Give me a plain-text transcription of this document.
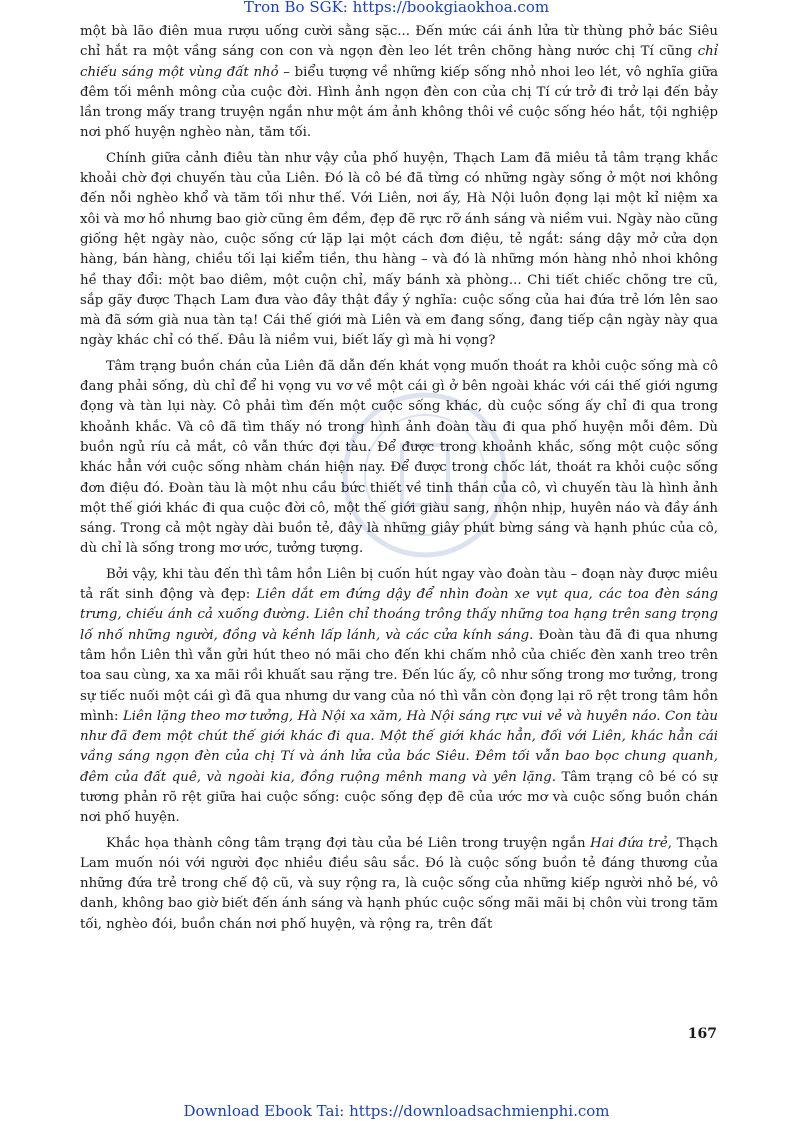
Tron Bo SGK: https://bookgiaokhoa.com

một bà lão điên mua rượu uống cười sằng sặc... Đến mức cái ánh lửa từ thùng phở bác Siêu chỉ hắt ra một vầng sáng con con và ngọn đèn leo lét trên chõng hàng nước chị Tí cũng chỉ chiếu sáng một vùng đất nhỏ – biểu tượng về những kiếp sống nhỏ nhoi leo lét, vô nghĩa giữa đêm tối mênh mông của cuộc đời. Hình ảnh ngọn đèn con của chị Tí cứ trở đi trở lại đến bảy lần trong mấy trang truyện ngắn như một ám ảnh không thôi về cuộc sống héo hắt, tội nghiệp nơi phố huyện nghèo nàn, tăm tối.

Chính giữa cảnh điêu tàn như vậy của phố huyện, Thạch Lam đã miêu tả tâm trạng khắc khoải chờ đợi chuyến tàu của Liên. Đó là cô bé đã từng có những ngày sống ở một nơi không đến nỗi nghèo khổ và tăm tối như thế. Với Liên, nơi ấy, Hà Nội luôn đọng lại một kỉ niệm xa xôi và mơ hồ nhưng bao giờ cũng êm đềm, đẹp đẽ rực rỡ ánh sáng và niềm vui. Ngày nào cũng giống hệt ngày nào, cuộc sống cứ lặp lại một cách đơn điệu, tẻ ngắt: sáng dậy mở cửa dọn hàng, bán hàng, chiều tối lại kiểm tiền, thu hàng – và đó là những món hàng nhỏ nhoi không hề thay đổi: một bao diêm, một cuộn chỉ, mấy bánh xà phòng... Chi tiết chiếc chõng tre cũ, sắp gãy được Thạch Lam đưa vào đây thật đầy ý nghĩa: cuộc sống của hai đứa trẻ lớn lên sao mà đã sớm già nua tàn tạ! Cái thế giới mà Liên và em đang sống, đang tiếp cận ngày này qua ngày khác chỉ có thế. Đâu là niềm vui, biết lấy gì mà hi vọng?

Tâm trạng buồn chán của Liên đã dẫn đến khát vọng muốn thoát ra khỏi cuộc sống mà cô đang phải sống, dù chỉ để hi vọng vu vơ về một cái gì ở bên ngoài khác với cái thế giới ngưng đọng và tàn lụi này. Cô phải tìm đến một cuộc sống khác, dù cuộc sống ấy chỉ đi qua trong khoảnh khắc. Và cô đã tìm thấy nó trong hình ảnh đoàn tàu đi qua phố huyện mỗi đêm. Dù buồn ngủ ríu cả mắt, cô vẫn thức đợi tàu. Để được trong khoảnh khắc, sống một cuộc sống khác hẳn với cuộc sống nhàm chán hiện nay. Để được trong chốc lát, thoát ra khỏi cuộc sống đơn điệu đó. Đoàn tàu là một nhu cầu bức thiết về tinh thần của cô, vì chuyến tàu là hình ảnh một thế giới khác đi qua cuộc đời cô, một thế giới giàu sang, nhộn nhịp, huyên náo và đầy ánh sáng. Trong cả một ngày dài buồn tẻ, đây là những giây phút bừng sáng và hạnh phúc của cô, dù chỉ là sống trong mơ ước, tưởng tượng.

Bởi vậy, khi tàu đến thì tâm hồn Liên bị cuốn hút ngay vào đoàn tàu – đoạn này được miêu tả rất sinh động và đẹp: Liên dắt em đứng dậy để nhìn đoàn xe vụt qua, các toa đèn sáng trưng, chiếu ánh cả xuống đường. Liên chỉ thoáng trông thấy những toa hạng trên sang trọng lố nhố những người, đồng và kềnh lấp lánh, và các cửa kính sáng. Đoàn tàu đã đi qua nhưng tâm hồn Liên thì vẫn gửi hút theo nó mãi cho đến khi chấm nhỏ của chiếc đèn xanh treo trên toa sau cùng, xa xa mãi rồi khuất sau rặng tre. Đến lúc ấy, cô như sống trong mơ tưởng, trong sự tiếc nuối một cái gì đã qua nhưng dư vang của nó thì vẫn còn đọng lại rõ rệt trong tâm hồn mình: Liên lặng theo mơ tưởng, Hà Nội xa xăm, Hà Nội sáng rực vui vẻ và huyên náo. Con tàu như đã đem một chút thế giới khác đi qua. Một thế giới khác hẳn, đối với Liên, khác hẳn cái vầng sáng ngọn đèn của chị Tí và ánh lửa của bác Siêu. Đêm tối vẫn bao bọc chung quanh, đêm của đất quê, và ngoài kia, đồng ruộng mênh mang và yên lặng. Tâm trạng cô bé có sự tương phản rõ rệt giữa hai cuộc sống: cuộc sống đẹp đẽ của ước mơ và cuộc sống buồn chán nơi phố huyện.

Khắc họa thành công tâm trạng đợi tàu của bé Liên trong truyện ngắn Hai đứa trẻ, Thạch Lam muốn nói với người đọc nhiều điều sâu sắc. Đó là cuộc sống buồn tẻ đáng thương của những đứa trẻ trong chế độ cũ, và suy rộng ra, là cuộc sống của những kiếp người nhỏ bé, vô danh, không bao giờ biết đến ánh sáng và hạnh phúc cuộc sống mãi mãi bị chôn vùi trong tăm tối, nghèo đói, buồn chán nơi phố huyện, và rộng ra, trên đất

167
Download Ebook Tai: https://downloadsachmienphi.com
